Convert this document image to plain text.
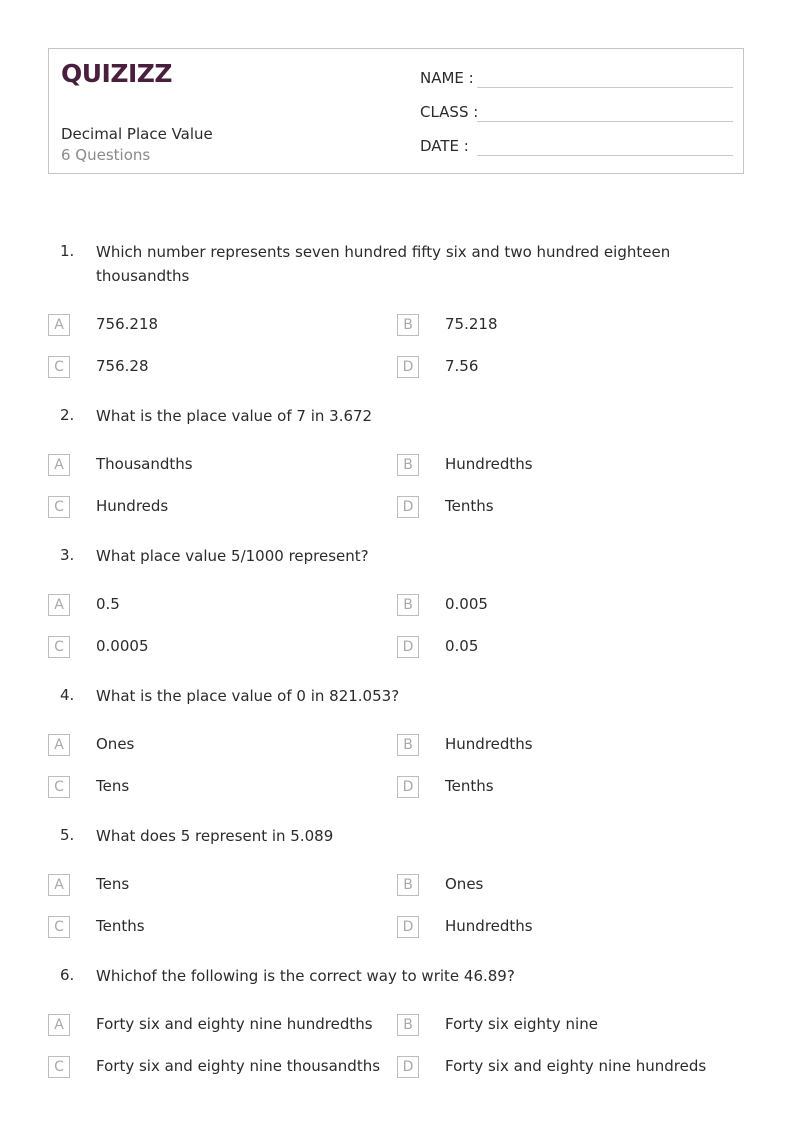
QUIZIZZ
Decimal Place Value
6 Questions
NAME :
CLASS :
DATE :
1. Which number represents seven hundred fifty six and two hundred eighteen thousandths
A	756.218	B	75.218
C	756.28	D	7.56
2. What is the place value of 7 in 3.672
A	Thousandths	B	Hundredths
C	Hundreds	D	Tenths
3. What place value 5/1000 represent?
A	0.5	B	0.005
C	0.0005	D	0.05
4. What is the place value of 0 in 821.053?
A	Ones	B	Hundredths
C	Tens	D	Tenths
5. What does 5 represent in 5.089
A	Tens	B	Ones
C	Tenths	D	Hundredths
6. Whichof the following is the correct way to write 46.89?
A	Forty six and eighty nine hundredths	B	Forty six eighty nine
C	Forty six and eighty nine thousandths	D	Forty six and eighty nine hundreds
